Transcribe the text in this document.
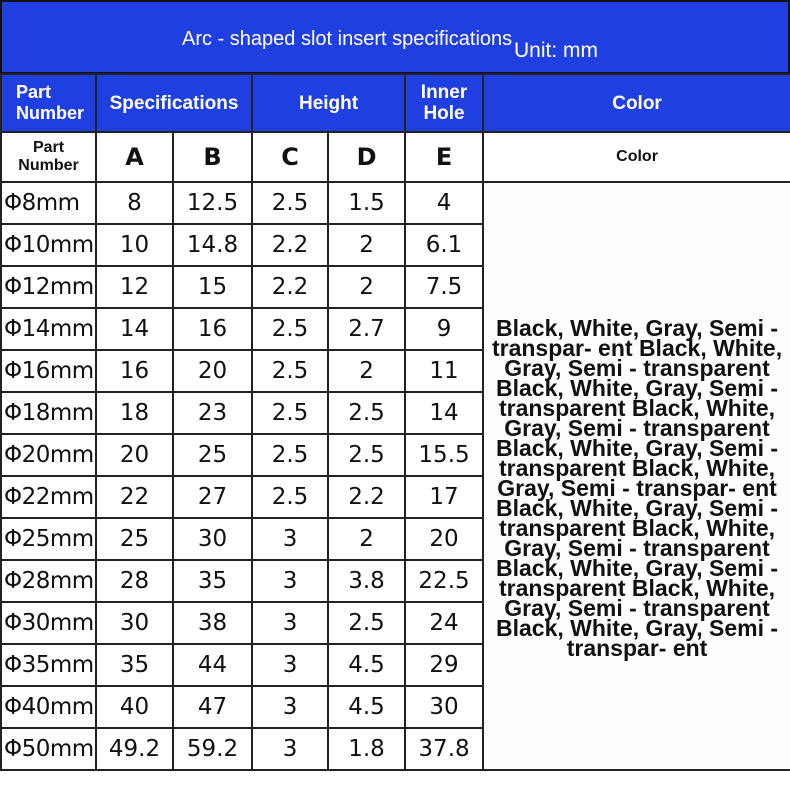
Arc - shaped slot insert specifications Unit: mm
Part Number	Specifications		Height		Inner Hole	Color
Part Number	A	B	C	D	E	Color
Φ8mm	8	12.5	2.5	1.5	4	Black, White, Gray, Semi - transpar- ent Black, White, Gray, Semi - transparent Black, White, Gray, Semi - transparent Black, White, Gray, Semi - transparent Black, White, Gray, Semi - transparent Black, White, Gray, Semi - transpar- ent Black, White, Gray, Semi - transparent Black, White, Gray, Semi - transparent Black, White, Gray, Semi - transparent Black, White, Gray, Semi - transparent Black, White, Gray, Semi - transpar- ent

Φ10mm	10	14.8	2.2	2	6.1	
Φ12mm	12	15	2.2	2	7.5	
Φ14mm	14	16	2.5	2.7	9	
Φ16mm	16	20	2.5	2	11	
Φ18mm	18	23	2.5	2.5	14	
Φ20mm	20	25	2.5	2.5	15.5	
Φ22mm	22	27	2.5	2.2	17	
Φ25mm	25	30	3	2	20	
Φ28mm	28	35	3	3.8	22.5	
Φ30mm	30	38	3	2.5	24	
Φ35mm	35	44	3	4.5	29	
Φ40mm	40	47	3	4.5	30	
Φ50mm	49.2	59.2	3	1.8	37.8	
